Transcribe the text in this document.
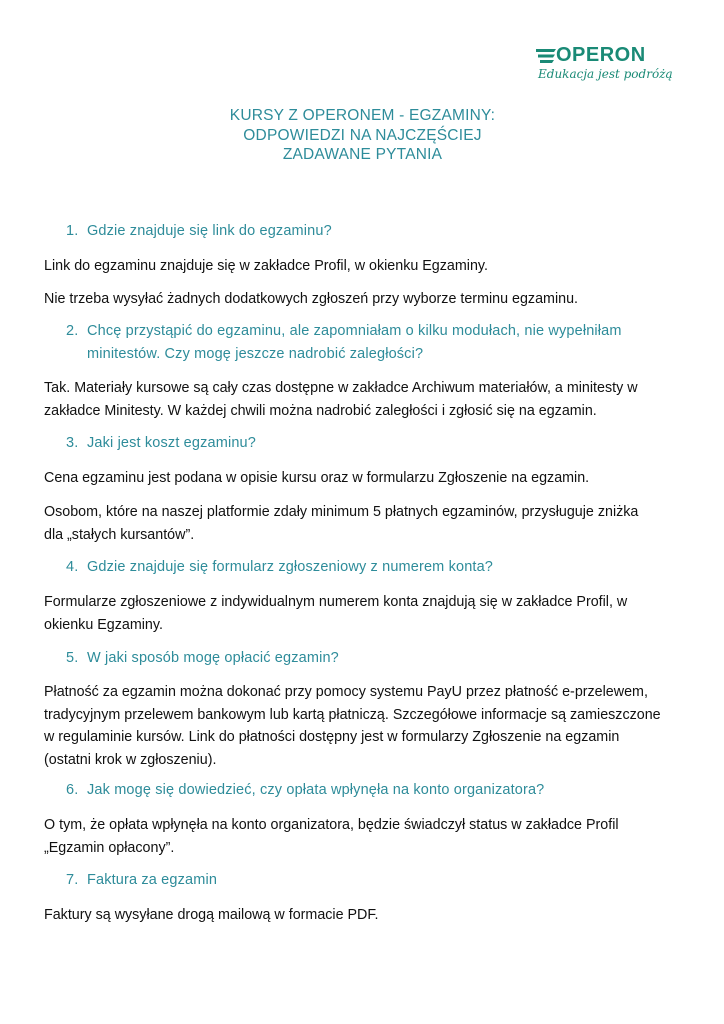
OPERON
Edukacja jest podróżą
KURSY Z OPERONEM - EGZAMINY:
ODPOWIEDZI NA NAJCZĘŚCIEJ
ZADAWANE PYTANIA
1. Gdzie znajduje się link do egzaminu?
Link do egzaminu znajduje się w zakładce Profil, w okienku Egzaminy.
Nie trzeba wysyłać żadnych dodatkowych zgłoszeń przy wyborze terminu egzaminu.
2. Chcę przystąpić do egzaminu, ale zapomniałam o kilku modułach, nie wypełniłam
minitestów. Czy mogę jeszcze nadrobić zaległości?
Tak. Materiały kursowe są cały czas dostępne w zakładce Archiwum materiałów, a minitesty w
zakładce Minitesty. W każdej chwili można nadrobić zaległości i zgłosić się na egzamin.
3. Jaki jest koszt egzaminu?
Cena egzaminu jest podana w opisie kursu oraz w formularzu Zgłoszenie na egzamin.
Osobom, które na naszej platformie zdały minimum 5 płatnych egzaminów, przysługuje zniżka
dla „stałych kursantów”.
4. Gdzie znajduje się formularz zgłoszeniowy z numerem konta?
Formularze zgłoszeniowe z indywidualnym numerem konta znajdują się w zakładce Profil, w
okienku Egzaminy.
5. W jaki sposób mogę opłacić egzamin?
Płatność za egzamin można dokonać przy pomocy systemu PayU przez płatność e-przelewem,
tradycyjnym przelewem bankowym lub kartą płatniczą. Szczegółowe informacje są zamieszczone
w regulaminie kursów. Link do płatności dostępny jest w formularzy Zgłoszenie na egzamin
(ostatni krok w zgłoszeniu).
6. Jak mogę się dowiedzieć, czy opłata wpłynęła na konto organizatora?
O tym, że opłata wpłynęła na konto organizatora, będzie świadczył status w zakładce Profil
„Egzamin opłacony”.
7. Faktura za egzamin
Faktury są wysyłane drogą mailową w formacie PDF.
